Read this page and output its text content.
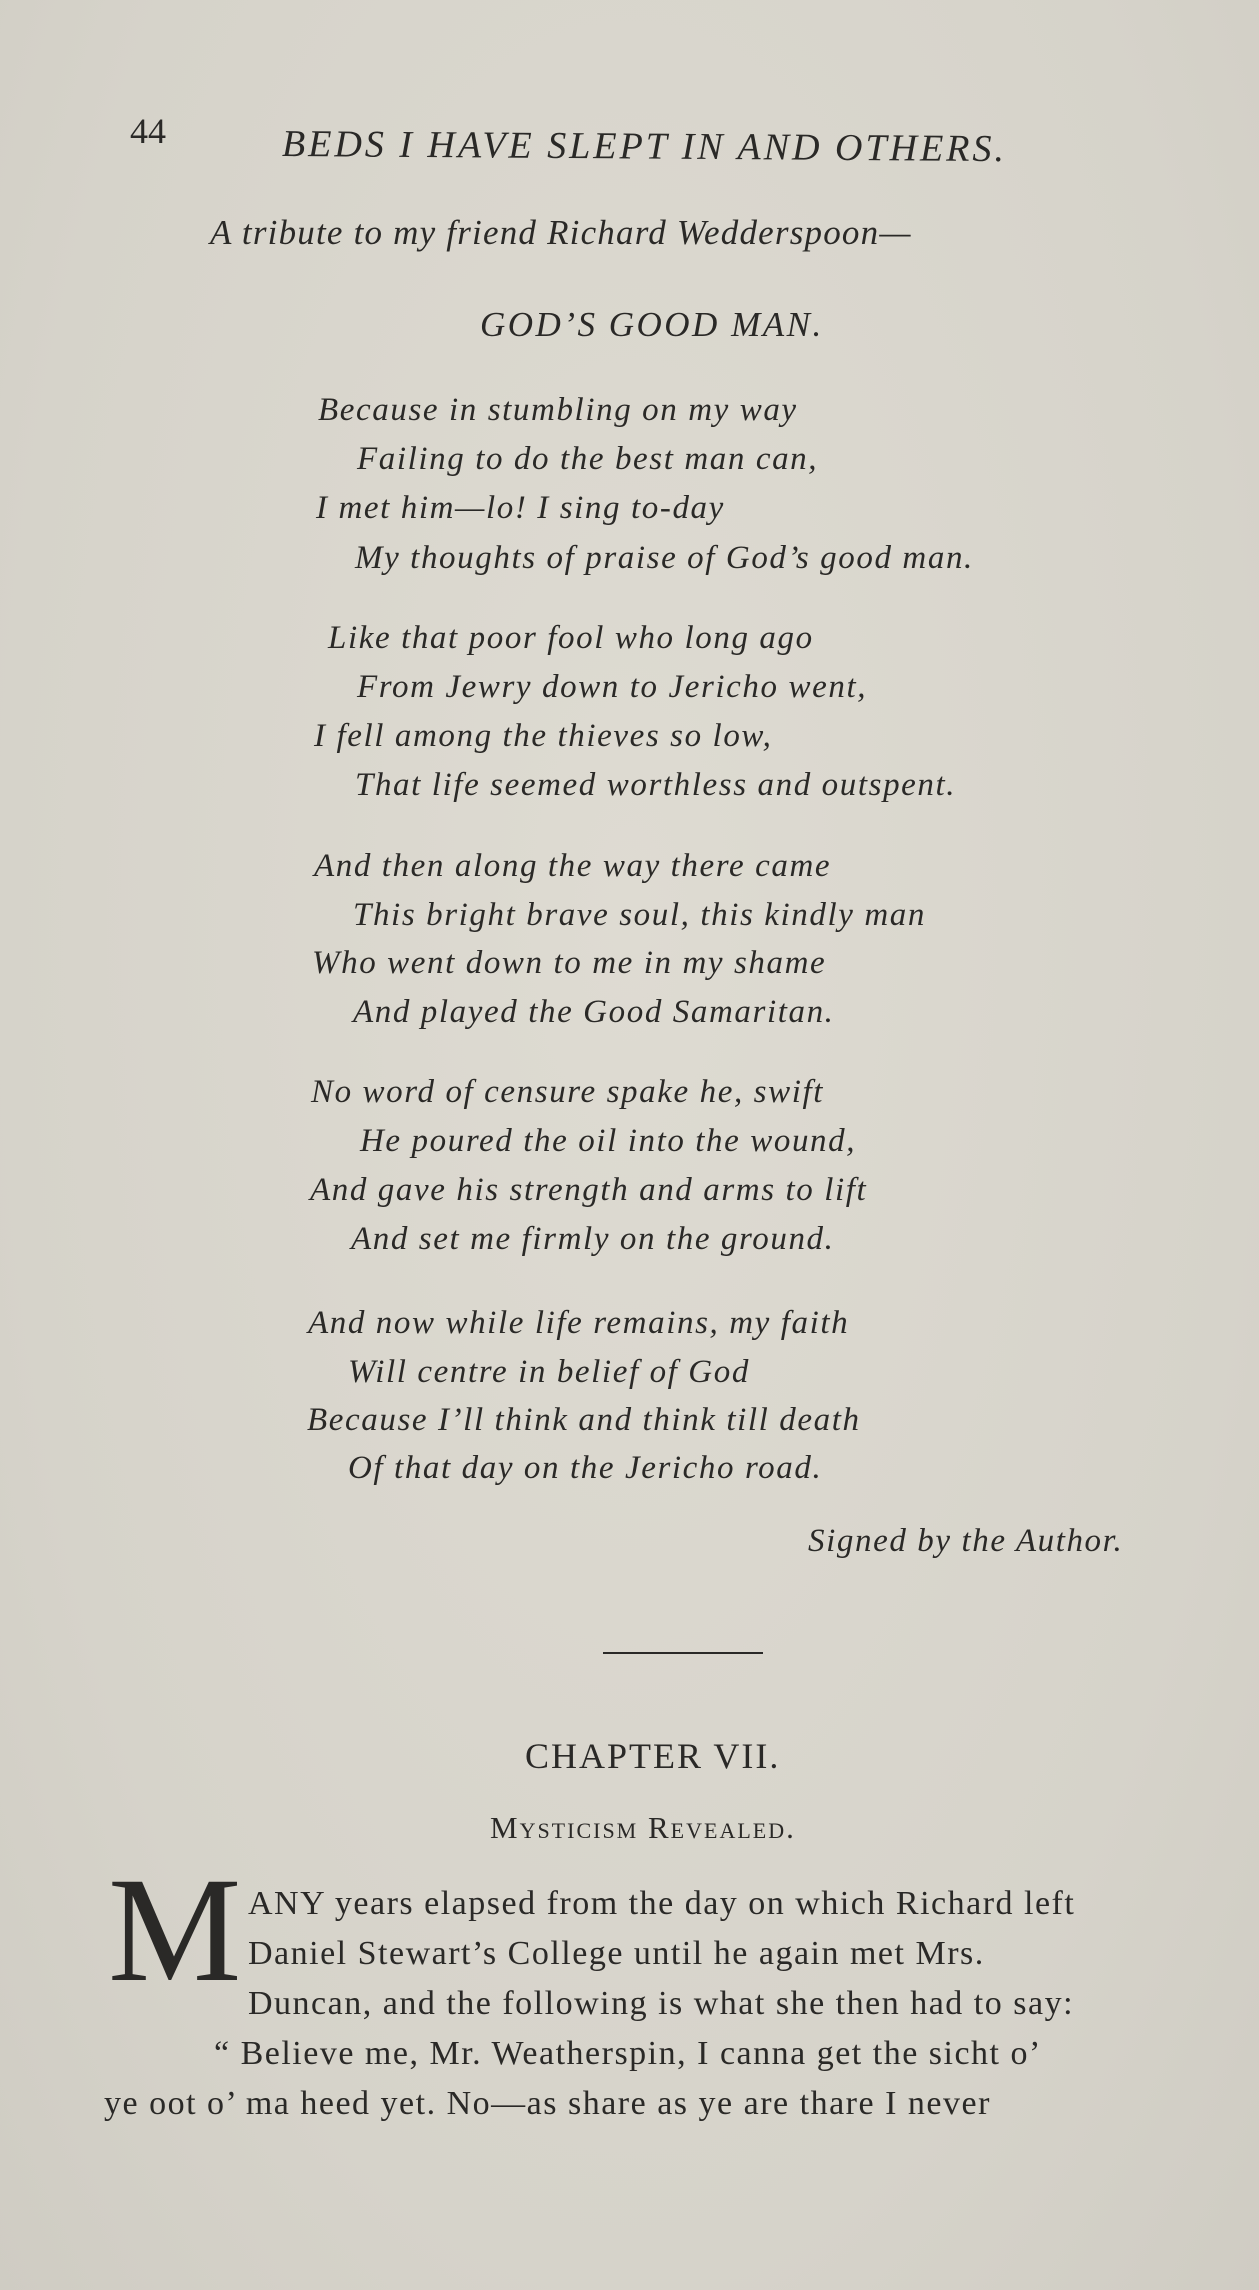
44	BEDS I HAVE SLEPT IN AND OTHERS.
A tribute to my friend Richard Wedderspoon—
GOD’S GOOD MAN.
Because in stumbling on my way
Failing to do the best man can,
I met him—lo! I sing to-day
My thoughts of praise of God’s good man.
Like that poor fool who long ago
From Jewry down to Jericho went,
I fell among the thieves so low,
That life seemed worthless and outspent.
And then along the way there came
This bright brave soul, this kindly man
Who went down to me in my shame
And played the Good Samaritan.
No word of censure spake he, swift
He poured the oil into the wound,
And gave his strength and arms to lift
And set me firmly on the ground.
And now while life remains, my faith
Will centre in belief of God
Because I’ll think and think till death
Of that day on the Jericho road.
Signed by the Author.
CHAPTER VII.
Mysticism Revealed.
M ANY years elapsed from the day on which Richard left
Daniel Stewart’s College until he again met Mrs.
Duncan, and the following is what she then had to say:
“ Believe me, Mr. Weatherspin, I canna get the sicht o’
ye oot o’ ma heed yet. No—as share as ye are thare I never
